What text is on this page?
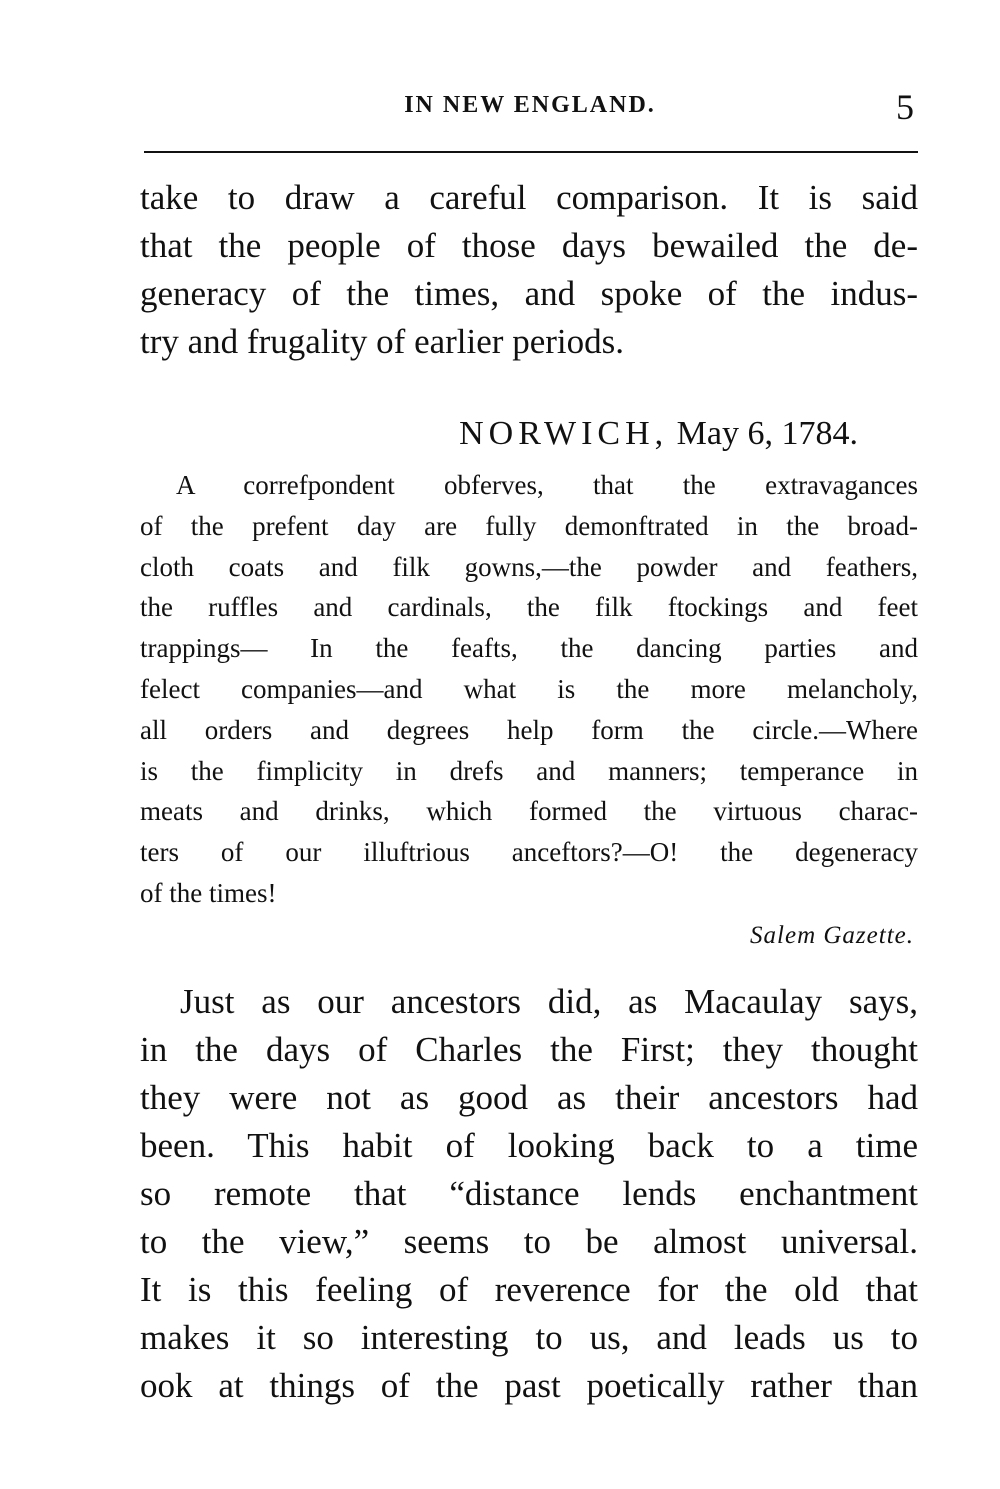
IN NEW ENGLAND.	5
take to draw a careful comparison. It is said
that the people of those days bewailed the de-
generacy of the times, and spoke of the indus-
try and frugality of earlier periods.
NORWICH, May 6, 1784.
A correfpondent obferves, that the extravagances
of the prefent day are fully demonftrated in the broad-
cloth coats and filk gowns,—the powder and feathers,
the ruffles and cardinals, the filk ftockings and feet
trappings— In the feafts, the dancing parties and
felect companies—and what is the more melancholy,
all orders and degrees help form the circle.—Where
is the fimplicity in drefs and manners; temperance in
meats and drinks, which formed the virtuous charac-
ters of our illuftrious anceftors?—O! the degeneracy
of the times!
Salem Gazette.
Just as our ancestors did, as Macaulay says,
in the days of Charles the First; they thought
they were not as good as their ancestors had
been. This habit of looking back to a time
so remote that “distance lends enchantment
to the view,” seems to be almost universal.
It is this feeling of reverence for the old that
makes it so interesting to us, and leads us to
ook at things of the past poetically rather than
